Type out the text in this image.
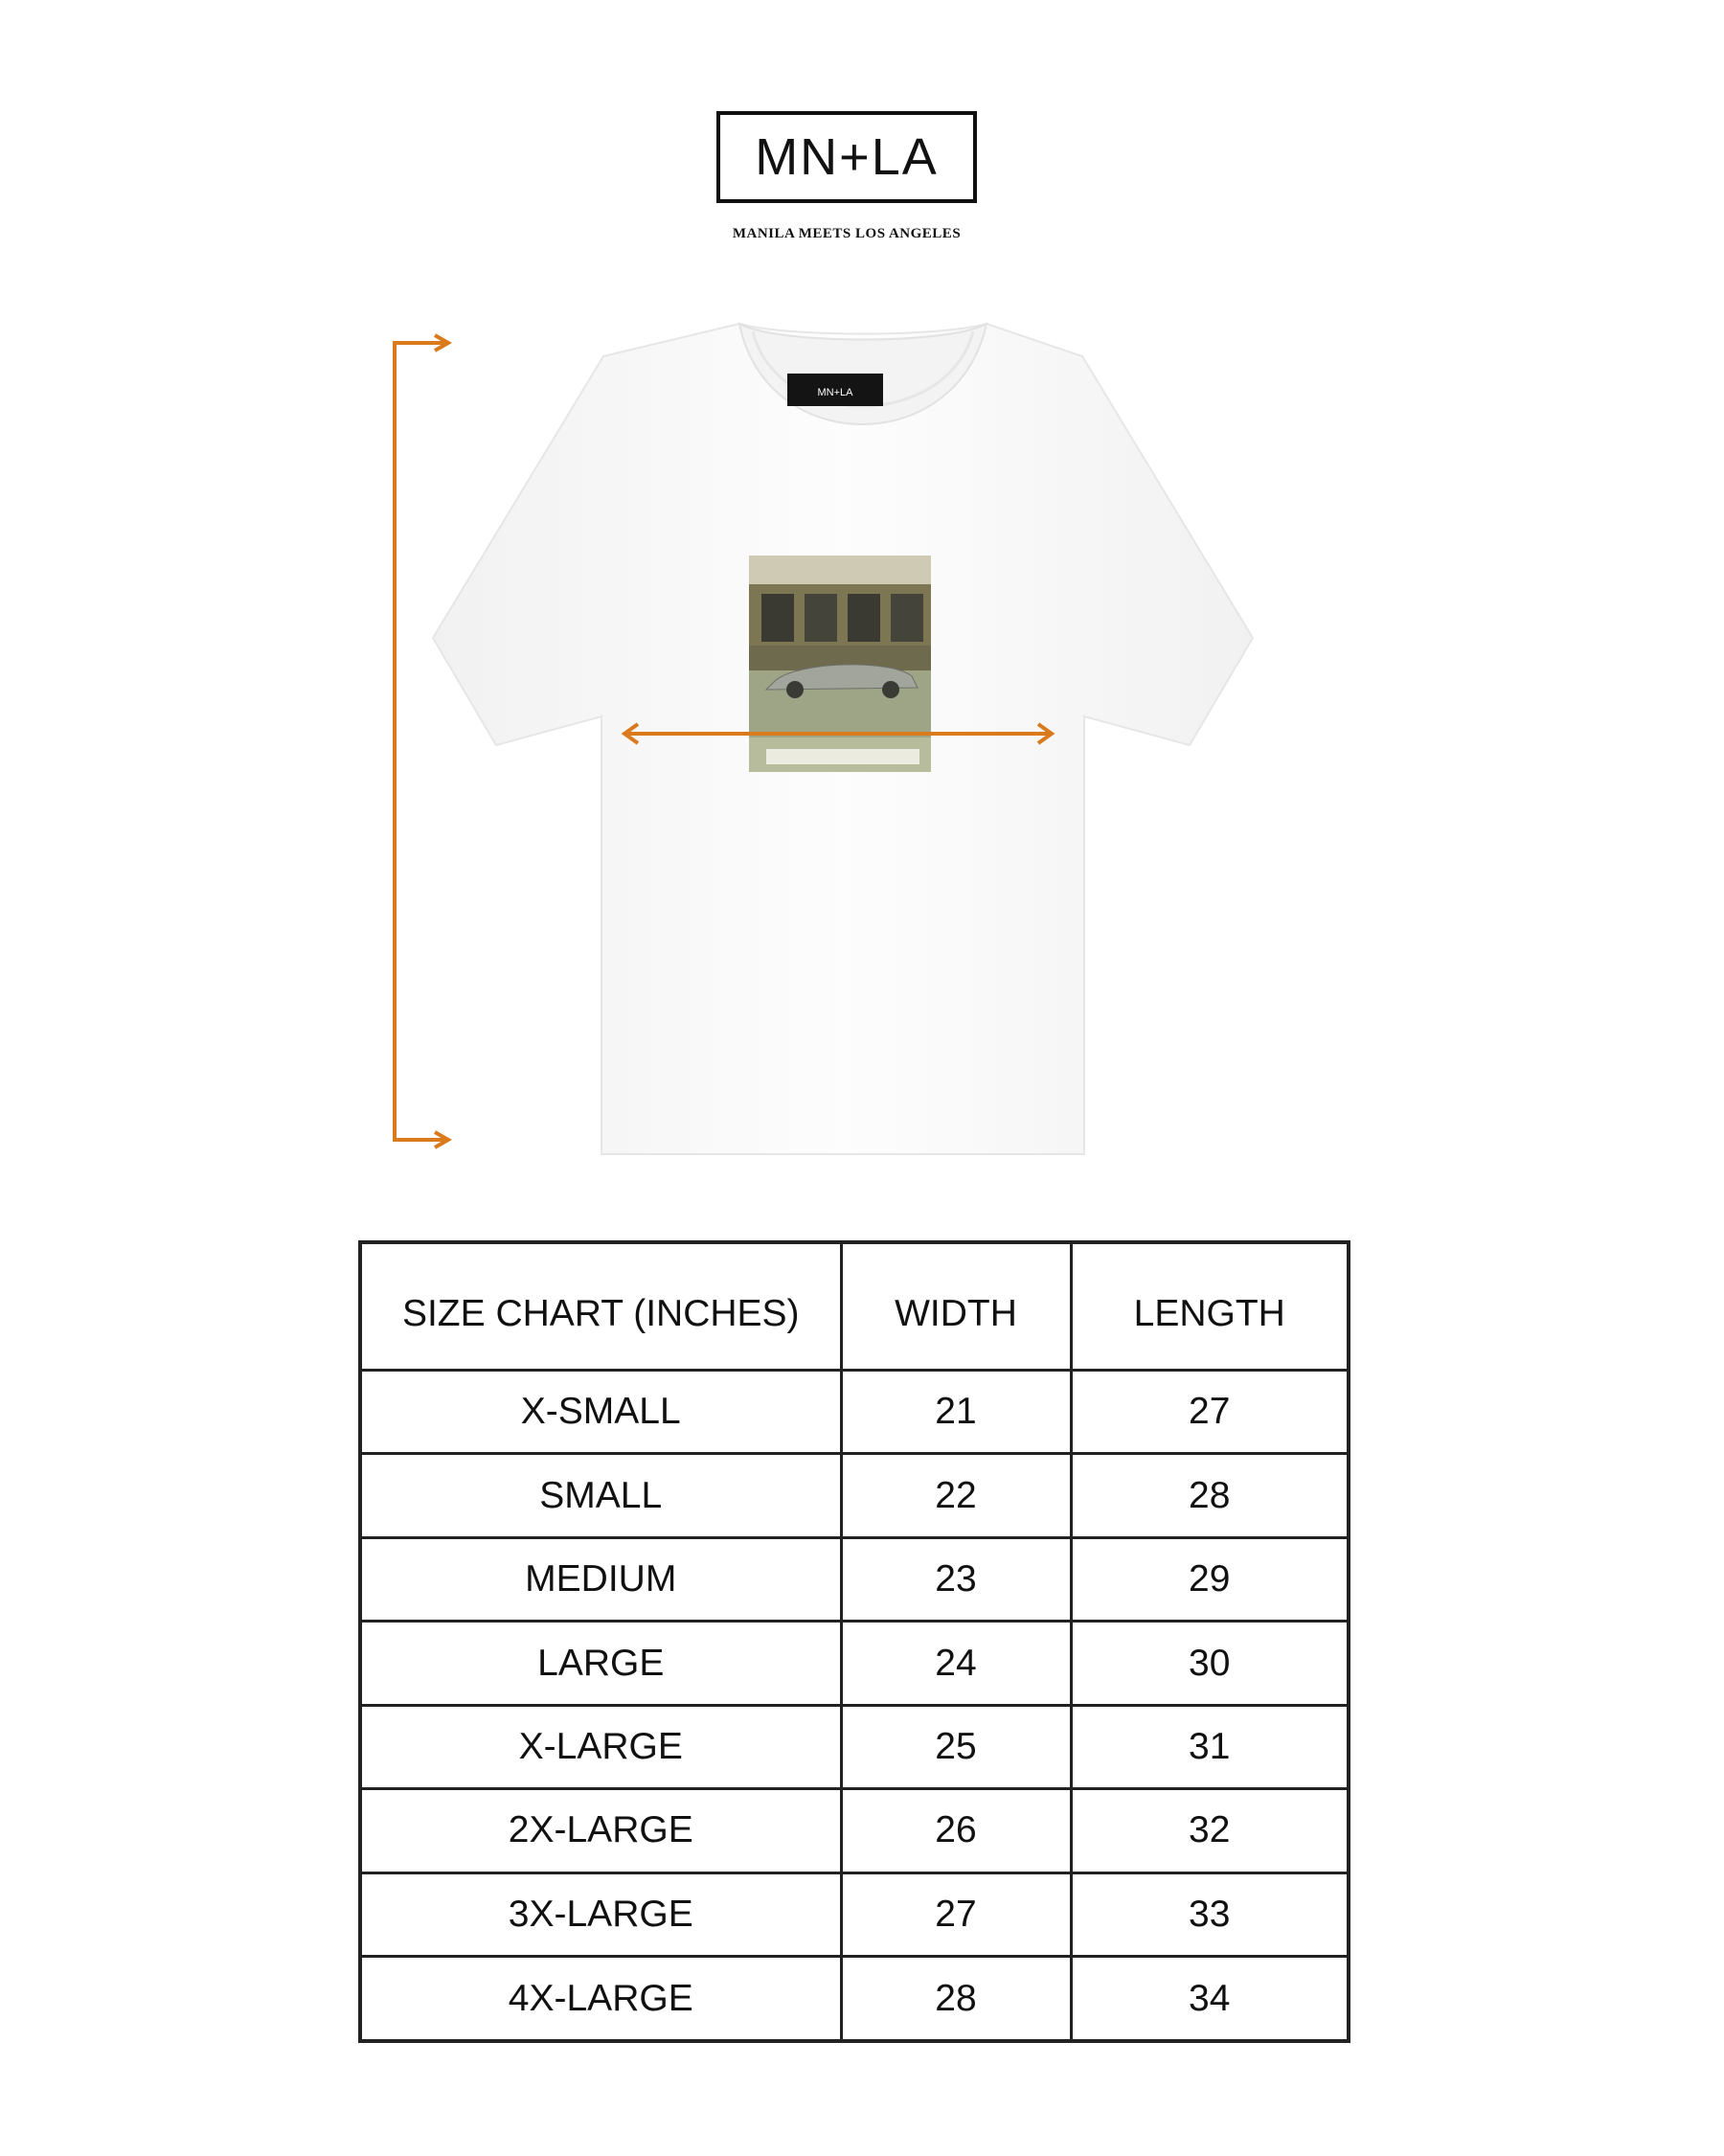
MN+LA
MANILA MEETS LOS ANGELES
MN+LA
SIZE CHART (INCHES)	WIDTH	LENGTH
X-SMALL	21	27
SMALL	22	28
MEDIUM	23	29
LARGE	24	30
X-LARGE	25	31
2X-LARGE	26	32
3X-LARGE	27	33
4X-LARGE	28	34
